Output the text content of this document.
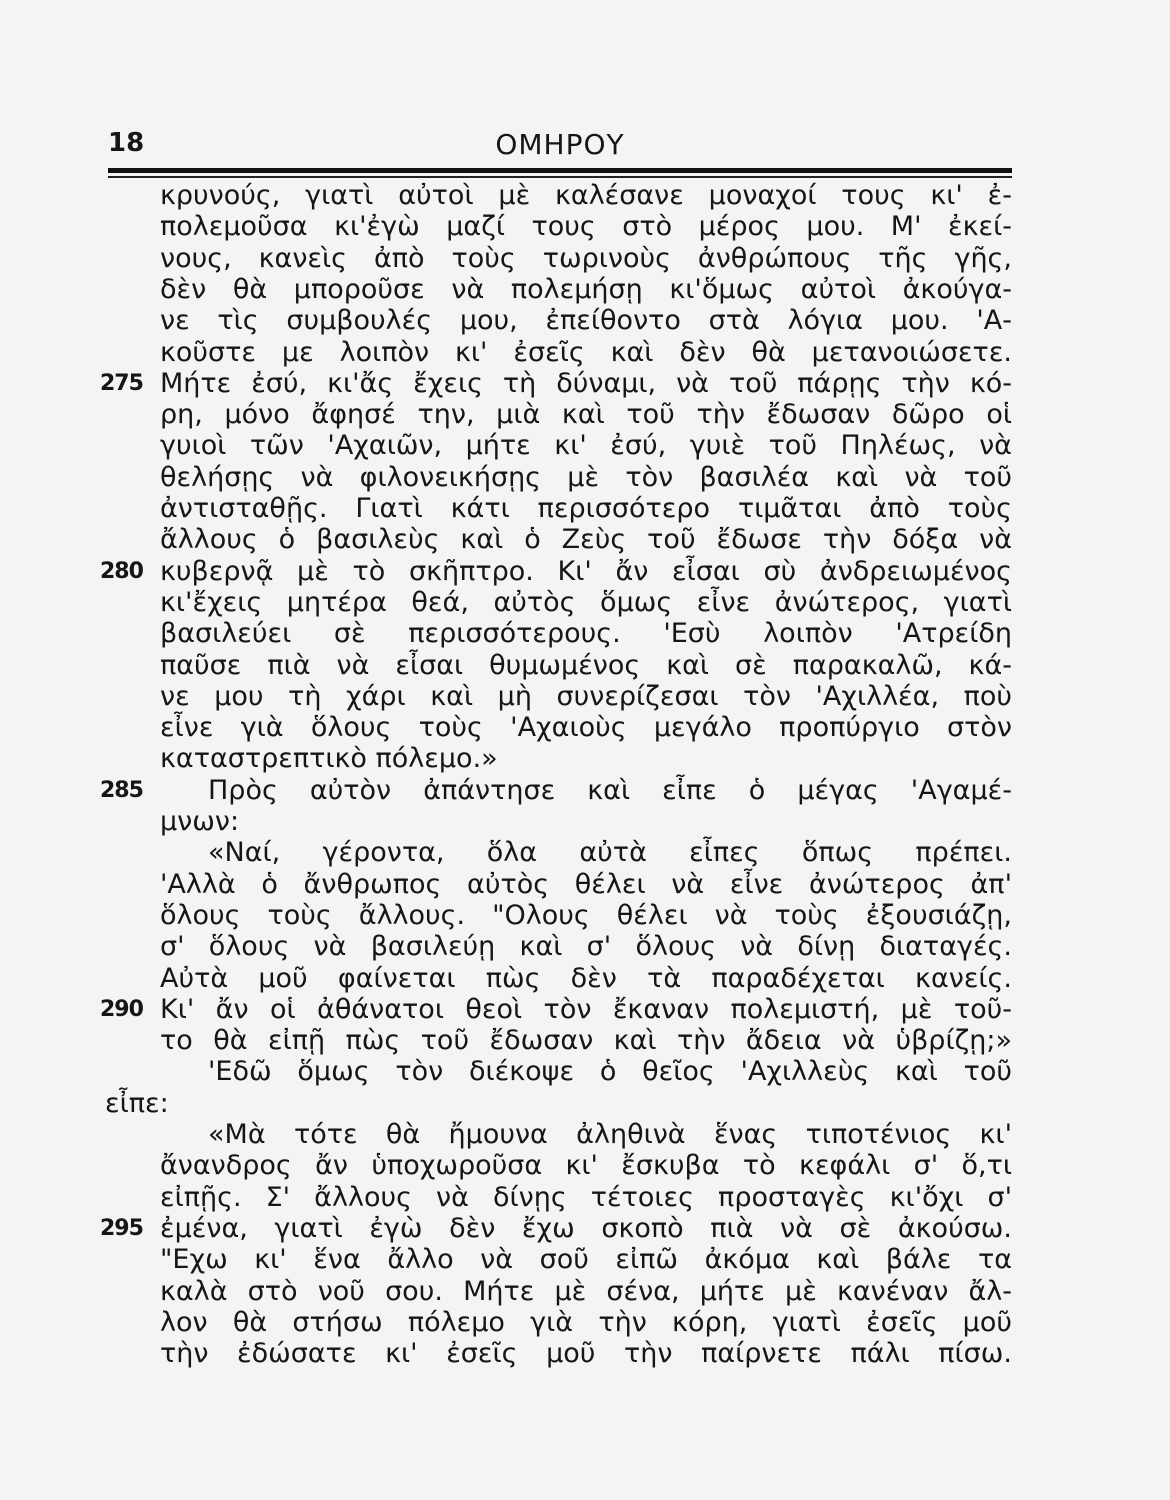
18	ΟΜΗΡΟΥ
κρυνούς, γιατὶ αὐτοὶ μὲ καλέσανε μοναχοί τους κι' ἐ-
πολεμοῦσα κι'ἐγὼ μαζί τους στὸ μέρος μου. Μ' ἐκεί-
νους, κανεὶς ἀπὸ τοὺς τωρινοὺς ἀνθρώπους τῆς γῆς,
δὲν θὰ μποροῦσε νὰ πολεμήσῃ κι'ὅμως αὐτοὶ ἀκούγα-
νε τὶς συμβουλές μου, ἐπείθοντο στὰ λόγια μου. 'Α-
κοῦστε με λοιπὸν κι' ἐσεῖς καὶ δὲν θὰ μετανοιώσετε.
Μήτε ἐσύ, κι'ἄς ἔχεις τὴ δύναμι, νὰ τοῦ πάρῃς τὴν κό-
275
ρη, μόνο ἄφησέ την, μιὰ καὶ τοῦ τὴν ἔδωσαν δῶρο οἱ
γυιοὶ τῶν 'Αχαιῶν, μήτε κι' ἐσύ, γυιὲ τοῦ Πηλέως, νὰ
θελήσῃς νὰ φιλονεικήσῃς μὲ τὸν βασιλέα καὶ νὰ τοῦ
ἀντισταθῇς. Γιατὶ κάτι περισσότερο τιμᾶται ἀπὸ τοὺς
ἄλλους ὁ βασιλεὺς καὶ ὁ Ζεὺς τοῦ ἔδωσε τὴν δόξα νὰ
κυβερνᾷ μὲ τὸ σκῆπτρο. Κι' ἄν εἶσαι σὺ ἀνδρειωμένος
280
κι'ἔχεις μητέρα θεά, αὐτὸς ὅμως εἶνε ἀνώτερος, γιατὶ
βασιλεύει σὲ περισσότερους. 'Εσὺ λοιπὸν 'Ατρείδη
παῦσε πιὰ νὰ εἶσαι θυμωμένος καὶ σὲ παρακαλῶ, κά-
νε μου τὴ χάρι καὶ μὴ συνερίζεσαι τὸν 'Αχιλλέα, ποὺ
εἶνε γιὰ ὅλους τοὺς 'Αχαιοὺς μεγάλο προπύργιο στὸν
καταστρεπτικὸ πόλεμο.»
Πρὸς αὐτὸν ἀπάντησε καὶ εἶπε ὁ μέγας 'Αγαμέ-
285
μνων:
«Ναί, γέροντα, ὅλα αὐτὰ εἶπες ὅπως πρέπει.
'Αλλὰ ὁ ἄνθρωπος αὐτὸς θέλει νὰ εἶνε ἀνώτερος ἀπ'
ὅλους τοὺς ἄλλους. "Ολους θέλει νὰ τοὺς ἐξουσιάζῃ,
σ' ὅλους νὰ βασιλεύῃ καὶ σ' ὅλους νὰ δίνῃ διαταγές.
Αὐτὰ μοῦ φαίνεται πὼς δὲν τὰ παραδέχεται κανείς.
Κι' ἄν οἱ ἀθάνατοι θεοὶ τὸν ἔκαναν πολεμιστή, μὲ τοῦ-
290
το θὰ εἰπῇ πὼς τοῦ ἔδωσαν καὶ τὴν ἄδεια νὰ ὑβρίζῃ;»
'Εδῶ ὅμως τὸν διέκοψε ὁ θεῖος 'Αχιλλεὺς καὶ τοῦ
εἶπε:
«Μὰ τότε θὰ ἤμουνα ἀληθινὰ ἕνας τιποτένιος κι'
ἄνανδρος ἄν ὑποχωροῦσα κι' ἔσκυβα τὸ κεφάλι σ' ὅ,τι
εἰπῇς. Σ' ἄλλους νὰ δίνῃς τέτοιες προσταγὲς κι'ὄχι σ'
ἐμένα, γιατὶ ἐγὼ δὲν ἔχω σκοπὸ πιὰ νὰ σὲ ἀκούσω.
295
"Εχω κι' ἕνα ἄλλο νὰ σοῦ εἰπῶ ἀκόμα καὶ βάλε τα
καλὰ στὸ νοῦ σου. Μήτε μὲ σένα, μήτε μὲ κανέναν ἄλ-
λον θὰ στήσω πόλεμο γιὰ τὴν κόρη, γιατὶ ἐσεῖς μοῦ
τὴν ἐδώσατε κι' ἐσεῖς μοῦ τὴν παίρνετε πάλι πίσω.
